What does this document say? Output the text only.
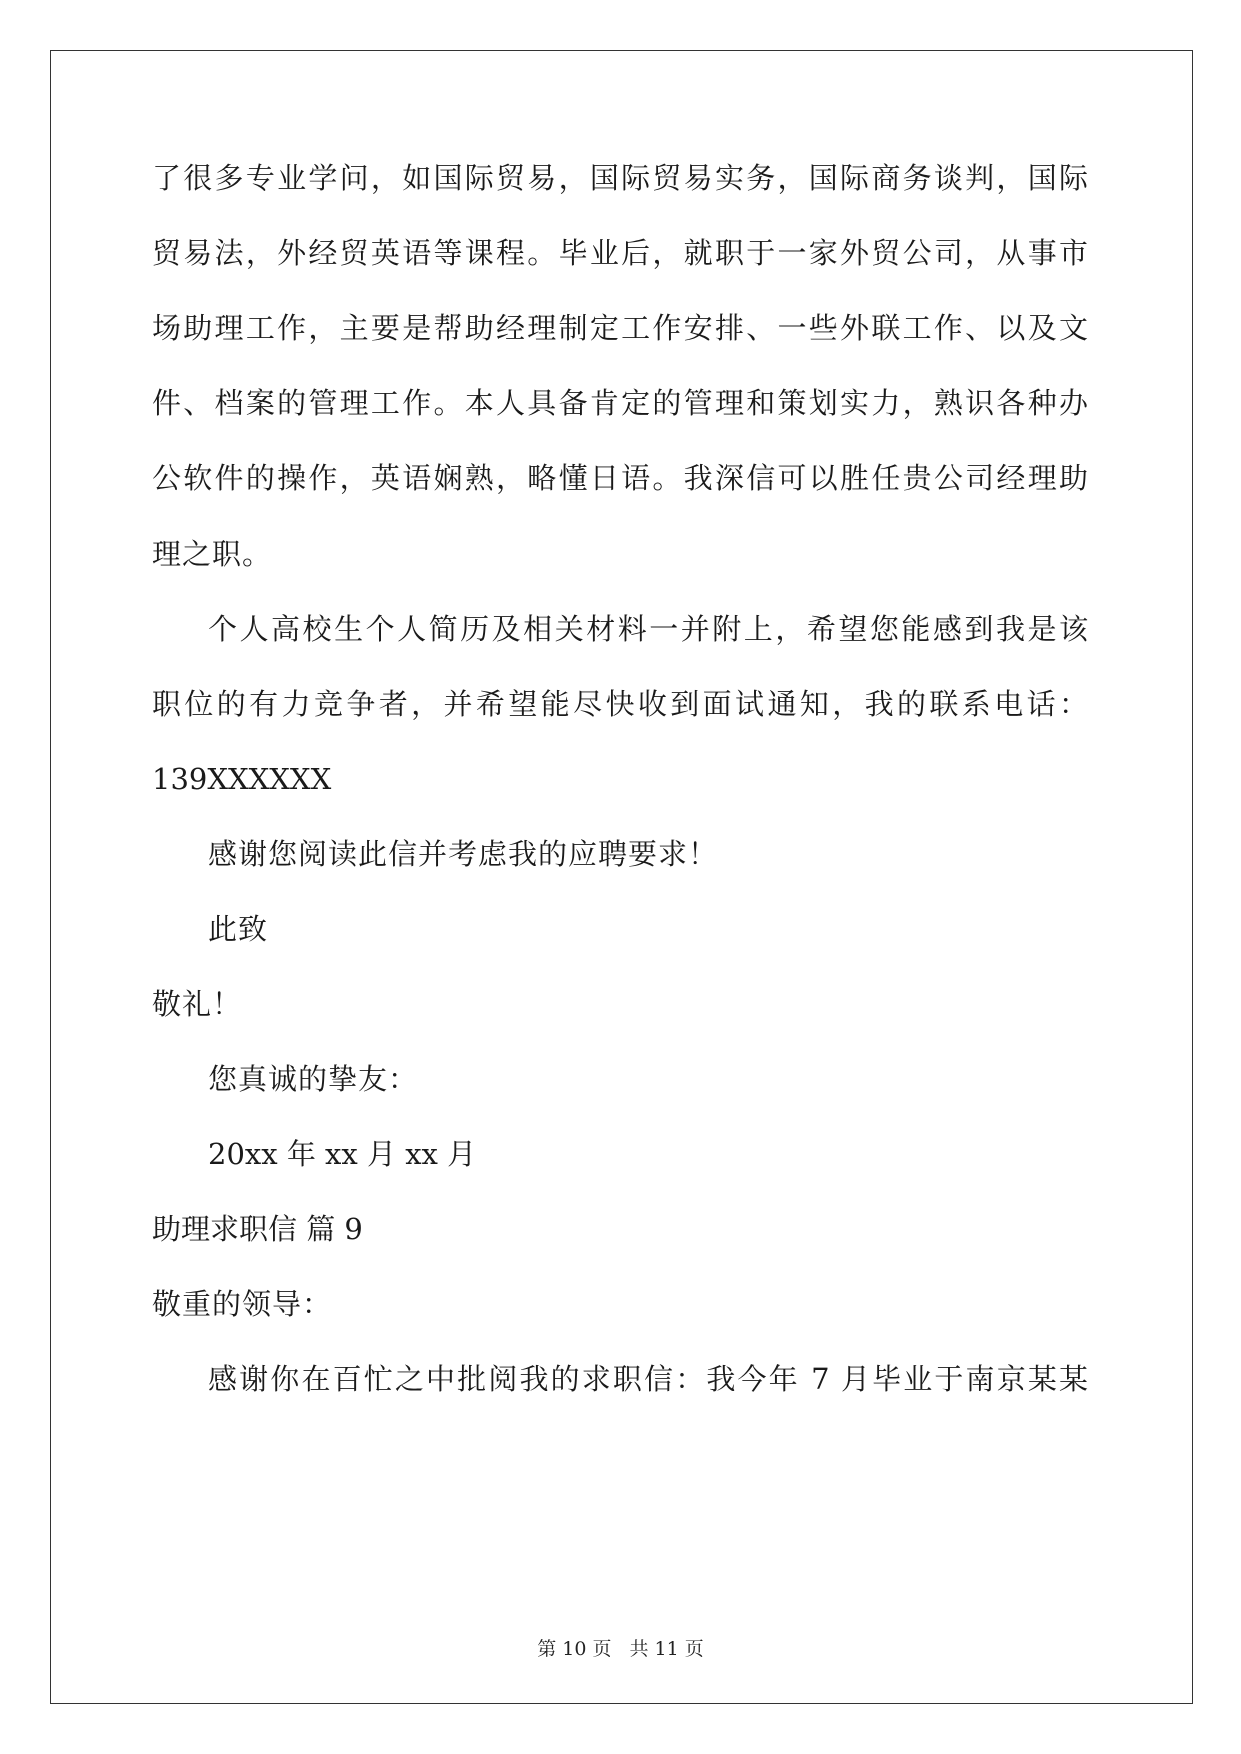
了很多专业学问，如国际贸易，国际贸易实务，国际商务谈判，国际
贸易法，外经贸英语等课程。毕业后，就职于一家外贸公司，从事市
场助理工作，主要是帮助经理制定工作安排、一些外联工作、以及文
件、档案的管理工作。本人具备肯定的管理和策划实力，熟识各种办
公软件的操作，英语娴熟，略懂日语。我深信可以胜任贵公司经理助
理之职。
个人高校生个人简历及相关材料一并附上，希望您能感到我是该
职位的有力竞争者，并希望能尽快收到面试通知，我的联系电话：
139XXXXXX
感谢您阅读此信并考虑我的应聘要求！
此致
敬礼！
您真诚的挚友：
20xx 年 xx 月 xx 月
助理求职信 篇 9
敬重的领导：
感谢你在百忙之中批阅我的求职信：我今年 7 月毕业于南京某某
第 10 页 共 11 页
